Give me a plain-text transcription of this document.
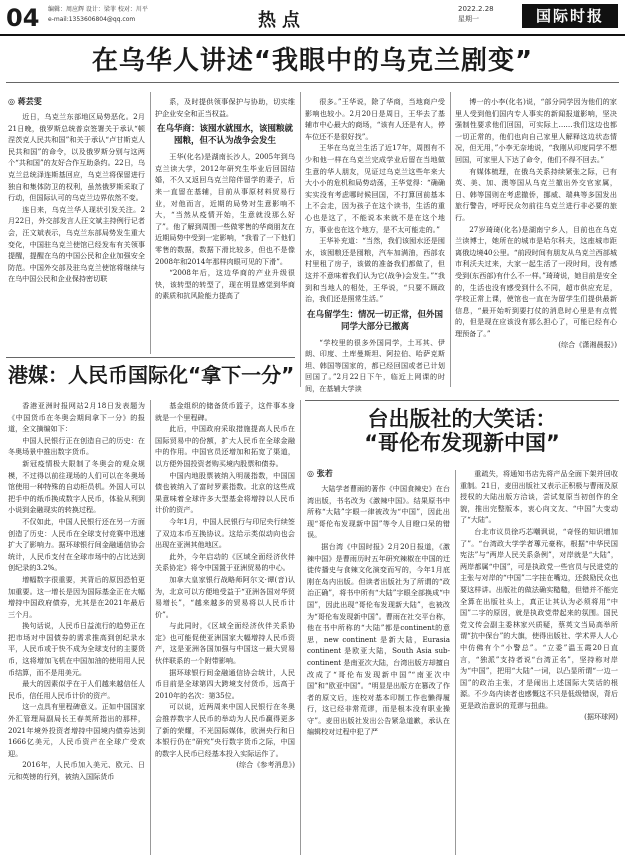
04 编辑：周应辉 设计：梁菲 校对：川平
e-mail:1353606804@qq.com	热点
2022.2.28
星期一	国际时报
在乌华人讲述“我眼中的乌克兰剧变”
◎ 蒋芸雯

近日，乌克兰东部地区局势恶化。2月21日晚，俄罗斯总统普京签署关于承认“顿涅茨克人民共和国”和关于承认“卢甘斯克人民共和国”的命令，以及俄罗斯分别与这两个“共和国”的友好合作互助条约。22日，乌克兰总统泽连斯基回应，乌克兰将保留进行独自和集体防卫的权利，虽然俄罗斯采取了行动，但国际认可的乌克兰边界依然不变。

连日来，乌克兰华人现状引发关注。2月22日，外交部发言人汪文斌主持例行记者会，汪文斌表示，乌克兰东部局势发生重大变化，中国驻乌克兰使馆已经发布有关领事提醒，提醒在乌的中国公民和企业加强安全防范。中国外交部及驻乌克兰使馆将继续与在乌中国公民和企业保持密切联

系，及时提供领事保护与协助，切实维护企业安全和正当权益。

在乌华商：该囤水就囤水，该囤粮就囤粮，但不认为战争会发生

王华(化名)是湖南长沙人，2005年到乌克兰读大学，2012年研究生毕业后回国结婚，不久又返回乌克兰陪伴留学的妻子，后来一直留在基辅，目前从事原材料贸易行业，对他而言，近期的局势对生意影响不大，“当然从疫情开始，生意就没那么好了”。他了解到周围一些做零售的华商朋友在近期局势中受到一定影响，“我看了一下他们零售的数据，数据下滑比较多，但也不是像2008年和2014年那样肉眼可见的下滑”。

“2008年后，这边华商的产业升级很快，该转型的转型了，现在明显感觉到华商的素质和抗风险能力提高了

很多。”王华说，除了华商，当地商户受影响也较小。2月20日是周日，王华去了基辅市中心最大的商场，“该有人还是有人，停车位还不是很好找”。

王华在乌克兰生活了近17年，周围有不少和他一样在乌克兰完成学业后留在当地做生意的华人朋友，见证过乌克兰这些年来大大小小的危机和局势动荡，王华觉得：“确确实实没有考虑哪时候回国，不打算回前基本上不会走，因为孩子在这个读书，生活的重心也是这了，不能说本来就不是在这个地方，事业也在这个地方，是不太可能走的。”

王华补充道：“当然，我们该囤水还是囤水，该囤粮还是囤粮，汽车加满油，西部农村里租了房子，该做的准备我们都做了，但这并不意味着我们认为它(战争)会发生。”“我到和当地人的相处，王华说，“只要不顾政治，我们还是照常生活。”

在乌留学生：情况一切正常，但外国同学大部分已撤离

“学校里的很多外国同学，土耳其、伊朗、印度、土库曼斯坦、阿拉伯、哈萨克斯坦、韩国等国家的，都已经回国或者已计划回国了。”2月22日下午，临近上网课的时间，在基辅大学读

博一的小李(化名)说，“部分同学因为他们的家里人受到他们国内专人事实的新闻报道影响，坚决强制性要求他们回国，可实际上……我们这边也都一切正常的，他们也向自己家里人解释这边状态情况，但无用，”小李无奈地说，“我刚从印度同学不想回国，可家里人下达了命令，他们不得不回去。”

有媒体梳理，在俄乌关系持续紧张之际，已有英、美、加、澳等国从乌克兰撤出外交官家属，日、韩等国则在考虑撤侨，挪威、瑞典等多国发出旅行警告，呼吁民众勿前往乌克兰进行非必要的旅行。

27岁琦琦(化名)是湖南宁乡人，目前也在乌克兰读博士，她所在的城市是哈尔科夫，这座城市距离俄边境40公里。“前段时间有朋友从乌克兰西部城市利沃夫过来，大家一起生活了一段时间，没有感受到(东西部)有什么不一样。”琦琦说，她目前是安全的，生活也没有感受到什么不同，超市供应充足，学校正常上课，使馆也一直在为留学生们提供最新信息，“最开始听到要打仗的消息时心里是有点慌的，但是现在应该没有那么担心了，可能已经有心理预备了。”

(综合《潇湘晨报》)
港媒：人民币国际化“拿下一分”

香港亚洲时报网站2月18日发表题为《中国货币在冬奥会期间拿下一分》的报道，全文摘编如下：

中国人民银行正在创造自己的历史：在冬奥场景中推出数字货币。

新冠疫情极大限制了冬奥会的观众规模，不过得以前往现场的人们可以在冬奥场馆使用一种特殊的自动柜员机。外国人可以把手中的纸币换成数字人民币，体验从利到小说到金融现实的转换过程。

不仅如此，中国人民银行还在另一方面创造了历史：人民币在全球支付竞赛中迅速扩大了影响力。据环球银行间金融通信协会统计，人民币支付在全球市场中的占比达到创纪录的3.2%。

增幅数字很重要，其背后的原因恐怕更加重要。这一增长是因为国际基金正在大幅增持中国政府债券，尤其是在2021年最后三个月。

换句话说，人民币日益流行的趋势正在把市场对中国债券的需求推高到创纪录水平，人民币或于快不成为全球支付的主要货币，这将增加飞机在中国加油的使用用人民币结算，而不是用美元。

最大的因素似乎在于人们越来越信任人民币，信任用人民币计价的资产。

这一点具有里程碑意义。正如中国国家外汇管理局副局长王春英所指出的那样，2021年境外投资者增持中国境内债券达到1666亿美元，人民币资产在全球广受欢迎。

2016年，人民币加入美元、欧元、日元和英镑的行列，被纳入国际货币

基金组织的储备货币篮子，这件事本身就是一个里程碑。

此后，中国政府采取措施提高人民币在国际贸易中的份额，扩大人民币在全球金融中的作用。中国官员还增加和拓宽了渠道，以方便外国投资者购买境内股票和债券。

中国内地股票被纳入明晟指数，中国国债也被纳入了富时罗素指数。北京的这些成果意味着全球许多大型基金将增持以人民币计价的资产。

今年1月，中国人民银行与印尼央行续签了双边本币互换协议。这给示类似动向也会出现在亚洲其他地区。

此外，今年启动的《区域全面经济伙伴关系协定》将令中国置于亚洲贸易的中心。

加拿大皇家银行战略师阿尔文·谭(音)认为，北京可以方便地受益于“亚洲各国对华贸易增长”，“越来越多的贸易将以人民币计价”。

与此同时，《区域全面经济伙伴关系协定》也可能促使亚洲国家大幅增持人民币资产，这是亚洲各国加强与中国这一最大贸易伙伴联系的一个附带影响。

据环球银行间金融通信协会统计，人民币目前是全球第四大跨境支付货币，远高于2010年的名次：第35位。

可以说，近两周来中国人民银行在冬奥会推荐数字人民币的举动为人民币赢得更多了新的荣耀，不光国际媒体，欧洲央行和日本银行仍在“研究”央行数字货币之际，中国的数字人民币已经基本投入实际运作了。

(综合《参考消息》)
台出版社的大笑话：
“哥伦布发现新中国”
◎ 张若

大陆学者曹雨的著作《中国食辣史》在台湾出版，书名改为《激辣中国》。结果原书中所称“大陆”字眼一律被改为“中国”，因此出现“哥伦布发现新中国”等令人目瞪口呆的错误。

据台湾《中国时报》2月20日报道，《激辣中国》是曹雨历时五年研究辣椒在中国的迁徙传播史与食辣文化演变而写的，今年1月底刚在岛内出版。但读者出版社为了所谓的“政治正确”，将书中所有“大陆”字眼全部换成“中国”，因此出现“哥伦布发现新大陆”，也被改为“哥伦布发现新中国”。曹雨在社交平台称，他在书中所称的“大陆”都是continent的意思，new continent 是新大陆，Eurasia continent 是欧亚大陆，South Asia sub-continent 是南亚次大陆，台湾出版方却擅自改成了“哥伦布发现新中国”“南亚次中国”和“欧亚中国”。“明显是出版方在篡改了作者的原文后，连校对基本印制工作也懒得履行，这已经非常荒谬，而是根本没有职业操守”。麦田出版社发出公告紧急道歉，承认在编辑校对过程中犯了严

重疏失，将通知书店先将产品全面下架并回收重制。21日，麦田出版社又表示正积极与曹雨及原授权的大陆出版方洽谈，尝试复原当初创作的全貌，推出完整版本，衷心向文友、“中国”大变动了“大陆”。

台北市议员徐巧芯嘲讽说，“奇怪的知识增加了”。“台湾政大学学者蓴元豪称，根据“中华民国宪法”与“两岸人民关系条例”，对岸就是“大陆”，两岸都属“中国”，可是执政党一些官员与民进党的主张与对岸的“中国”二字挂在嘴边，还鼓励民众也要这样讲。出版社的做法确实糙糙，但错并不能完全算在出版社头上，真正让其认为必须将用“中国”二字的原因，就是执政党带起来的氛围。国民党文传会副主委林家兴质疑，蔡英文当局高举所谓“抗中保台”的大旗，使得出版社、学术界人人心中仿佛有个“小警总”。“立委”温玉霞20日直言，“独派”支持者说“台湾正名”，坚持称对岸为“中国”，把用“大陆”一词，以凸显所谓“一边一国”的政治主张，才是闹出上述国际大笑话的根源。不少岛内读者也感慨这不只是低级错误，背后更是政治意识的荒谬与扭曲。

(据环球网)
